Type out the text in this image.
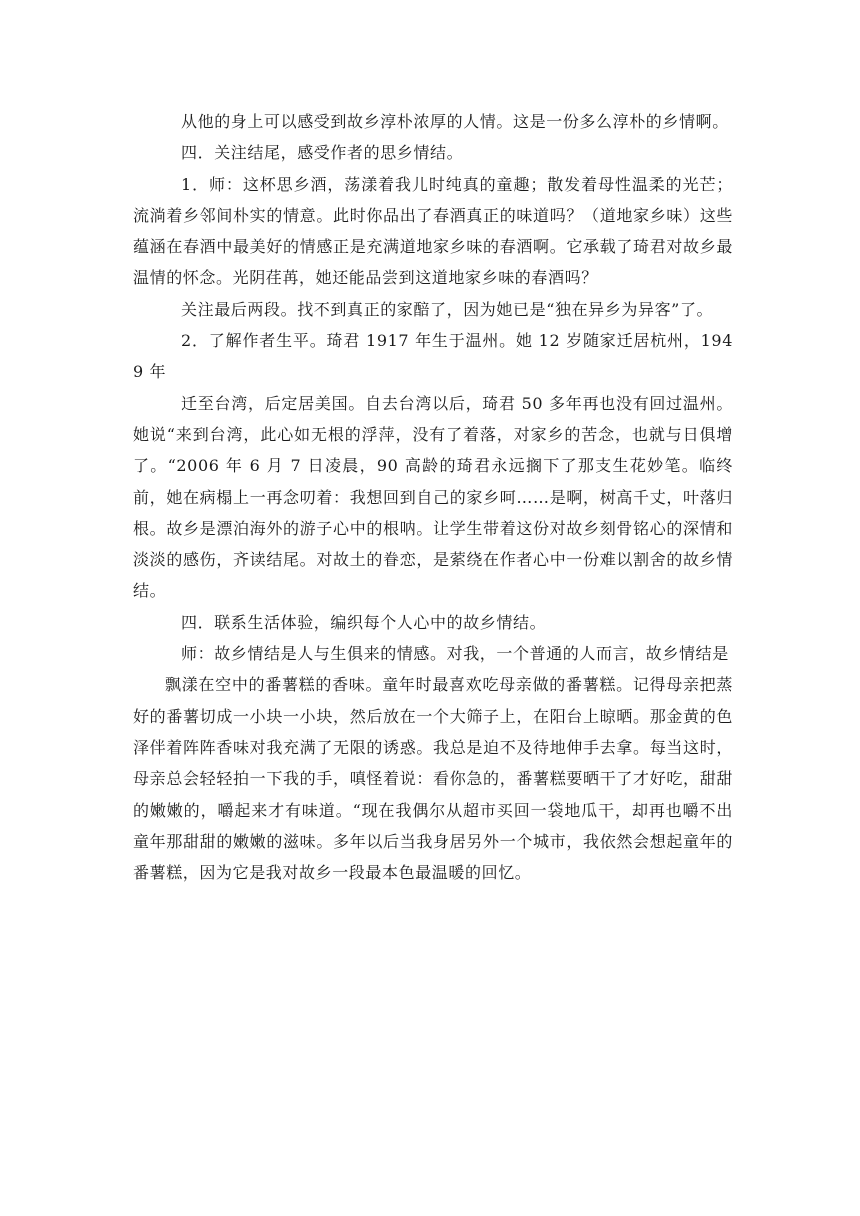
从他的身上可以感受到故乡淳朴浓厚的人情。这是一份多么淳朴的乡情啊。

四．关注结尾，感受作者的思乡情结。

1．师：这杯思乡酒，荡漾着我儿时纯真的童趣；散发着母性温柔的光芒；流淌着乡邻间朴实的情意。此时你品出了春酒真正的味道吗？（道地家乡味）这些蕴涵在春酒中最美好的情感正是充满道地家乡味的春酒啊。它承载了琦君对故乡最温情的怀念。光阴荏苒，她还能品尝到这道地家乡味的春酒吗？

关注最后两段。找不到真正的家醅了，因为她已是“独在异乡为异客”了。

2．了解作者生平。琦君 1917 年生于温州。她 12 岁随家迁居杭州，1949 年

迁至台湾，后定居美国。自去台湾以后，琦君 50 多年再也没有回过温州。她说“来到台湾，此心如无根的浮萍，没有了着落，对家乡的苦念，也就与日俱增了。“2006 年 6 月 7 日凌晨，90 高龄的琦君永远搁下了那支生花妙笔。临终前，她在病榻上一再念叨着：我想回到自己的家乡呵……是啊，树高千丈，叶落归根。故乡是漂泊海外的游子心中的根呐。让学生带着这份对故乡刻骨铭心的深情和淡淡的感伤，齐读结尾。对故土的眷恋，是萦绕在作者心中一份难以割舍的故乡情结。

四．联系生活体验，编织每个人心中的故乡情结。

师：故乡情结是人与生俱来的情感。对我，一个普通的人而言，故乡情结是

飘漾在空中的番薯糕的香味。童年时最喜欢吃母亲做的番薯糕。记得母亲把蒸好的番薯切成一小块一小块，然后放在一个大筛子上，在阳台上晾晒。那金黄的色泽伴着阵阵香味对我充满了无限的诱惑。我总是迫不及待地伸手去拿。每当这时，母亲总会轻轻拍一下我的手，嗔怪着说：看你急的，番薯糕要晒干了才好吃，甜甜的嫩嫩的，嚼起来才有味道。“现在我偶尔从超市买回一袋地瓜干，却再也嚼不出童年那甜甜的嫩嫩的滋味。多年以后当我身居另外一个城市，我依然会想起童年的番薯糕，因为它是我对故乡一段最本色最温暖的回忆。
